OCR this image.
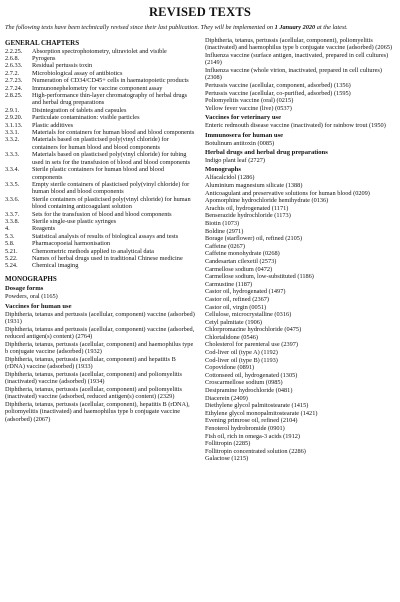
REVISED TEXTS
The following texts have been technically revised since their last publication. They will be implemented on 1 January 2020 at the latest.
GENERAL CHAPTERS
2.2.25.	Absorption spectrophotometry, ultraviolet and visible
2.6.8.	Pyrogens
2.6.33.	Residual pertussis toxin
2.7.2.	Microbiological assay of antibiotics
2.7.23.	Numeration of CD34/CD45+ cells in haematopoietic products
2.7.24.	Immunonephelometry for vaccine component assay
2.8.25.	High-performance thin-layer chromatography of herbal drugs and herbal drug preparations
2.9.1.	Disintegration of tablets and capsules
2.9.20.	Particulate contamination: visible particles
3.1.13.	Plastic additives
3.3.1.	Materials for containers for human blood and blood components
3.3.2.	Materials based on plasticised poly(vinyl chloride) for containers for human blood and blood components
3.3.3.	Materials based on plasticised poly(vinyl chloride) for tubing used in sets for the transfusion of blood and blood components
3.3.4.	Sterile plastic containers for human blood and blood components
3.3.5.	Empty sterile containers of plasticised poly(vinyl chloride) for human blood and blood components
3.3.6.	Sterile containers of plasticised poly(vinyl chloride) for human blood containing anticoagulant solution
3.3.7.	Sets for the transfusion of blood and blood components
3.3.8.	Sterile single-use plastic syringes
4.	Reagents
5.3.	Statistical analysis of results of biological assays and tests
5.8.	Pharmacopoeial harmonisation
5.21.	Chemometric methods applied to analytical data
5.22.	Names of herbal drugs used in traditional Chinese medicine
5.24.	Chemical imaging
MONOGRAPHS
Dosage forms
Powders, oral (1165)
Vaccines for human use
Diphtheria, tetanus and pertussis (acellular, component) vaccine (adsorbed) (1931)
Diphtheria, tetanus and pertussis (acellular, component) vaccine (adsorbed, reduced antigen(s) content) (2764)
Diphtheria, tetanus, pertussis (acellular, component) and haemophilus type b conjugate vaccine (adsorbed) (1932)
Diphtheria, tetanus, pertussis (acellular, component) and hepatitis B (rDNA) vaccine (adsorbed) (1933)
Diphtheria, tetanus, pertussis (acellular, component) and poliomyelitis (inactivated) vaccine (adsorbed) (1934)
Diphtheria, tetanus, pertussis (acellular, component) and poliomyelitis (inactivated) vaccine (adsorbed, reduced antigen(s) content) (2329)
Diphtheria, tetanus, pertussis (acellular, component), hepatitis B (rDNA), poliomyelitis (inactivated) and haemophilus type b conjugate vaccine (adsorbed) (2067)
Diphtheria, tetanus, pertussis (acellular, component), poliomyelitis (inactivated) and haemophilus type b conjugate vaccine (adsorbed) (2065)
Influenza vaccine (surface antigen, inactivated, prepared in cell cultures) (2149)
Influenza vaccine (whole virion, inactivated, prepared in cell cultures) (2308)
Pertussis vaccine (acellular, component, adsorbed) (1356)
Pertussis vaccine (acellular, co-purified, adsorbed) (1595)
Poliomyelitis vaccine (oral) (0215)
Yellow fever vaccine (live) (0537)
Vaccines for veterinary use
Enteric redmouth disease vaccine (inactivated) for rainbow trout (1950)
Immunosera for human use
Botulinum antitoxin (0085)
Herbal drugs and herbal drug preparations
Indigo plant leaf (2727)
Monographs
Alfacalcidol (1286)
Aluminium magnesium silicate (1388)
Anticoagulant and preservative solutions for human blood (0209)
Apomorphine hydrochloride hemihydrate (0136)
Arachis oil, hydrogenated (1171)
Benserazide hydrochloride (1173)
Biotin (1073)
Boldine (2971)
Borage (starflower) oil, refined (2105)
Caffeine (0267)
Caffeine monohydrate (0268)
Candesartan cilexetil (2573)
Carmellose sodium (0472)
Carmellose sodium, low-substituted (1186)
Carmustine (1187)
Castor oil, hydrogenated (1497)
Castor oil, refined (2367)
Castor oil, virgin (0051)
Cellulose, microcrystalline (0316)
Cetyl palmitate (1906)
Chlorpromazine hydrochloride (0475)
Chlortalidone (0546)
Cholesterol for parenteral use (2397)
Cod-liver oil (type A) (1192)
Cod-liver oil (type B) (1193)
Copovidone (0891)
Cottonseed oil, hydrogenated (1305)
Croscarmellose sodium (0985)
Desipramine hydrochloride (0481)
Diacerein (2409)
Diethylene glycol palmitostearate (1415)
Ethylene glycol monopalmitostearate (1421)
Evening primrose oil, refined (2104)
Fenoterol hydrobromide (0901)
Fish oil, rich in omega-3 acids (1912)
Follitropin (2285)
Follitropin concentrated solution (2286)
Galactose (1215)
